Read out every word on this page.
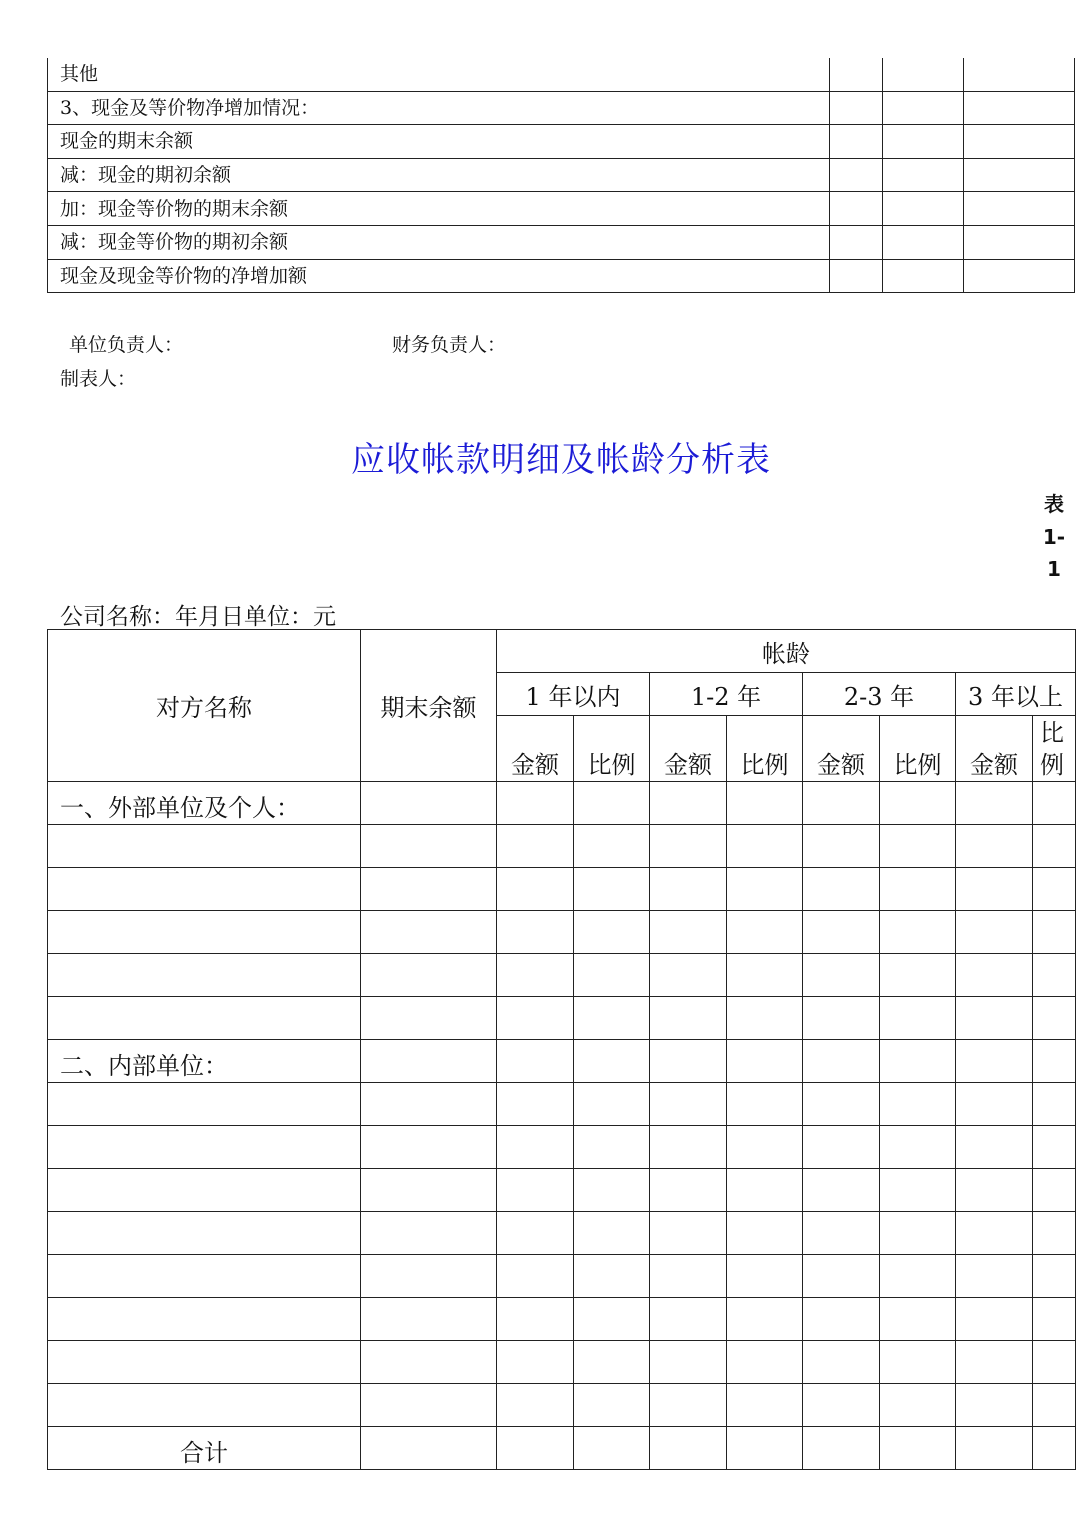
其他			
3、现金及等价物净增加情况：			
现金的期末余额			
减：现金的期初余额			
加：现金等价物的期末余额			
减：现金等价物的期初余额			
现金及现金等价物的净增加额			
单位负责人：	财务负责人：
制表人：
应收帐款明细及帐龄分析表
表
1-
1
公司名称：年月日单位：元
对方名称	期末余额	帐龄							
		1 年以内		1-2 年		2-3 年		3 年以上	
		金额	比例	金额	比例	金额	比例	金额	比例
一、外部单位及个人：									

二、内部单位：									

合计									
